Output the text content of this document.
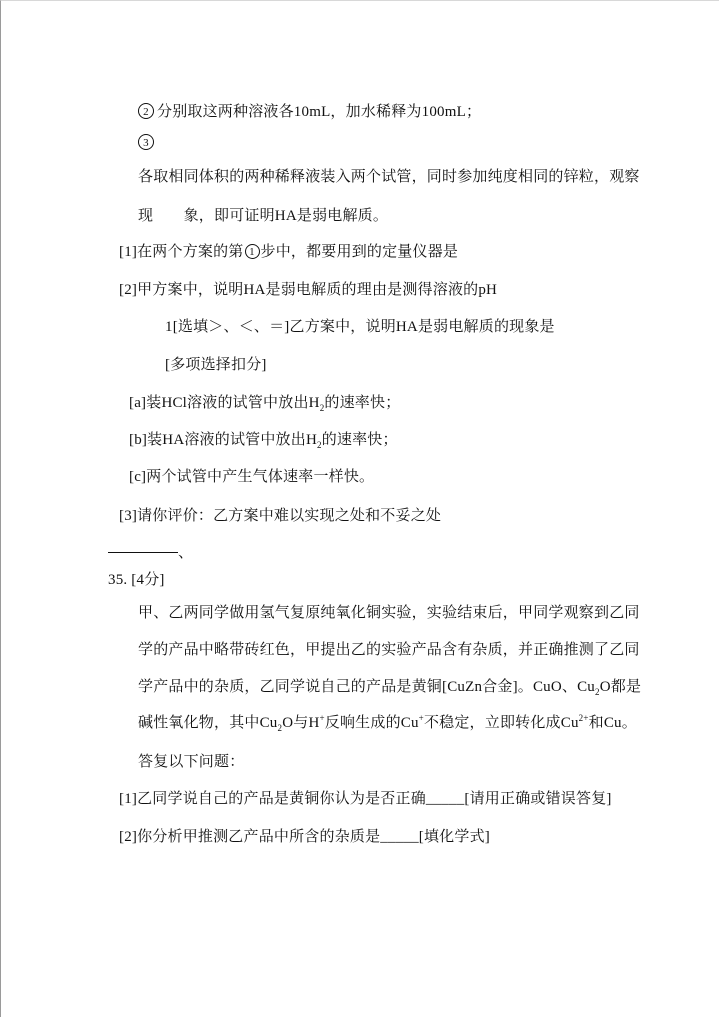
2 分别取这两种溶液各10mL，加水稀释为100mL；
3
各取相同体积的两种稀释液装入两个试管，同时参加纯度相同的锌粒，观察
现　　象，即可证明HA是弱电解质。
[1]在两个方案的第 1 步中，都要用到的定量仪器是
[2]甲方案中，说明HA是弱电解质的理由是测得溶液的pH
1[选填＞、＜、＝]乙方案中，说明HA是弱电解质的现象是
[多项选择扣分]
[a]装HCl溶液的试管中放出$H_2$的速率快；
[b]装HA溶液的试管中放出$H_2$的速率快；
[c]两个试管中产生气体速率一样快。
[3]请你评价：乙方案中难以实现之处和不妥之处
、
35. [4分]
甲、乙两同学做用氢气复原纯氧化铜实验，实验结束后，甲同学观察到乙同
学的产品中略带砖红色，甲提出乙的实验产品含有杂质，并正确推测了乙同
学产品中的杂质，乙同学说自己的产品是黄铜[CuZn合金]。CuO、$Cu_2O$都是
碱性氧化物，其中$Cu_2O$与H+反响生成的Cu+不稳定，立即转化成$Cu^{2+}$和Cu。
答复以下问题：
[1]乙同学说自己的产品是黄铜你认为是否正确_____[请用正确或错误答复]
[2]你分析甲推测乙产品中所含的杂质是_____[填化学式]
